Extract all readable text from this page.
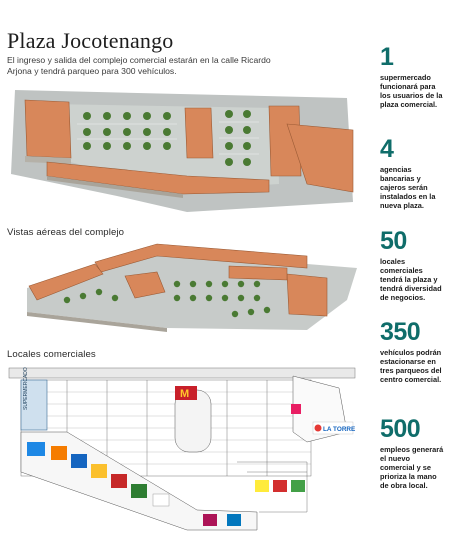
Plaza Jocotenango

El ingreso y salida del complejo comercial estarán en la calle Ricardo Arjona y tendrá parqueo para 300 vehículos.

Vistas aéreas del complejo
Locales comerciales
SUPERMERCADO	M
LA TORRE
1
supermercado funcionará para los usuarios de la plaza comercial.
4
agencias bancarias y cajeros serán instalados en la nueva plaza.
50
locales comerciales tendrá la plaza y tendrá diversidad de negocios.
350
vehículos podrán estacionarse en tres parqueos del centro comercial.
500
empleos generará el nuevo comercial y se prioriza la mano de obra local.
